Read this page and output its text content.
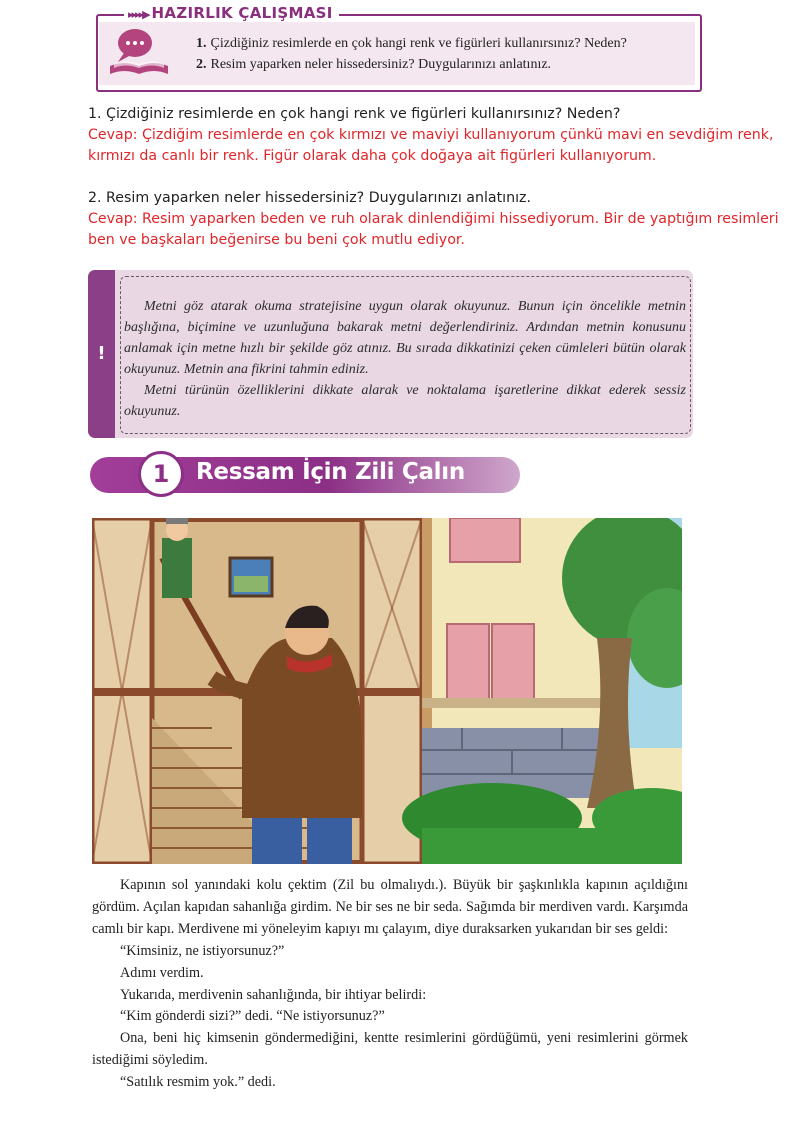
▸▸▸▸▶ HAZIRLIK ÇALIŞMASI
1. Çizdiğiniz resimlerde en çok hangi renk ve figürleri kullanırsınız? Neden?
2. Resim yaparken neler hissedersiniz? Duygularınızı anlatınız.
1. Çizdiğiniz resimlerde en çok hangi renk ve figürleri kullanırsınız? Neden?
Cevap: Çizdiğim resimlerde en çok kırmızı ve maviyi kullanıyorum çünkü mavi en sevdiğim renk, kırmızı da canlı bir renk. Figür olarak daha çok doğaya ait figürleri kullanıyorum.
2. Resim yaparken neler hissedersiniz? Duygularınızı anlatınız.
Cevap: Resim yaparken beden ve ruh olarak dinlendiğimi hissediyorum. Bir de yaptığım resimleri ben ve başkaları beğenirse bu beni çok mutlu ediyor.
!

Metni göz atarak okuma stratejisine uygun olarak okuyunuz. Bunun için öncelikle metnin başlığına, biçimine ve uzunluğuna bakarak metni değerlendiriniz. Ardından metnin konusunu anlamak için metne hızlı bir şekilde göz atınız. Bu sırada dikkatinizi çeken cümleleri bütün olarak okuyunuz. Metnin ana fikrini tahmin ediniz.

Metni türünün özelliklerini dikkate alarak ve noktalama işaretlerine dikkat ederek sessiz okuyunuz.

1	Ressam İçin Zili Çalın

Kapının sol yanındaki kolu çektim (Zil bu olmalıydı.). Büyük bir şaşkınlıkla kapının açıldığını gördüm. Açılan kapıdan sahanlığa girdim. Ne bir ses ne bir seda. Sağımda bir merdiven vardı. Karşımda camlı bir kapı. Merdivene mi yöneleyim kapıyı mı çalayım, diye duraksarken yukarıdan bir ses geldi:

“Kimsiniz, ne istiyorsunuz?”

Adımı verdim.

Yukarıda, merdivenin sahanlığında, bir ihtiyar belirdi:

“Kim gönderdi sizi?” dedi. “Ne istiyorsunuz?”

Ona, beni hiç kimsenin göndermediğini, kentte resimlerini gördüğümü, yeni resimlerini görmek istediğimi söyledim.

“Satılık resmim yok.” dedi.
